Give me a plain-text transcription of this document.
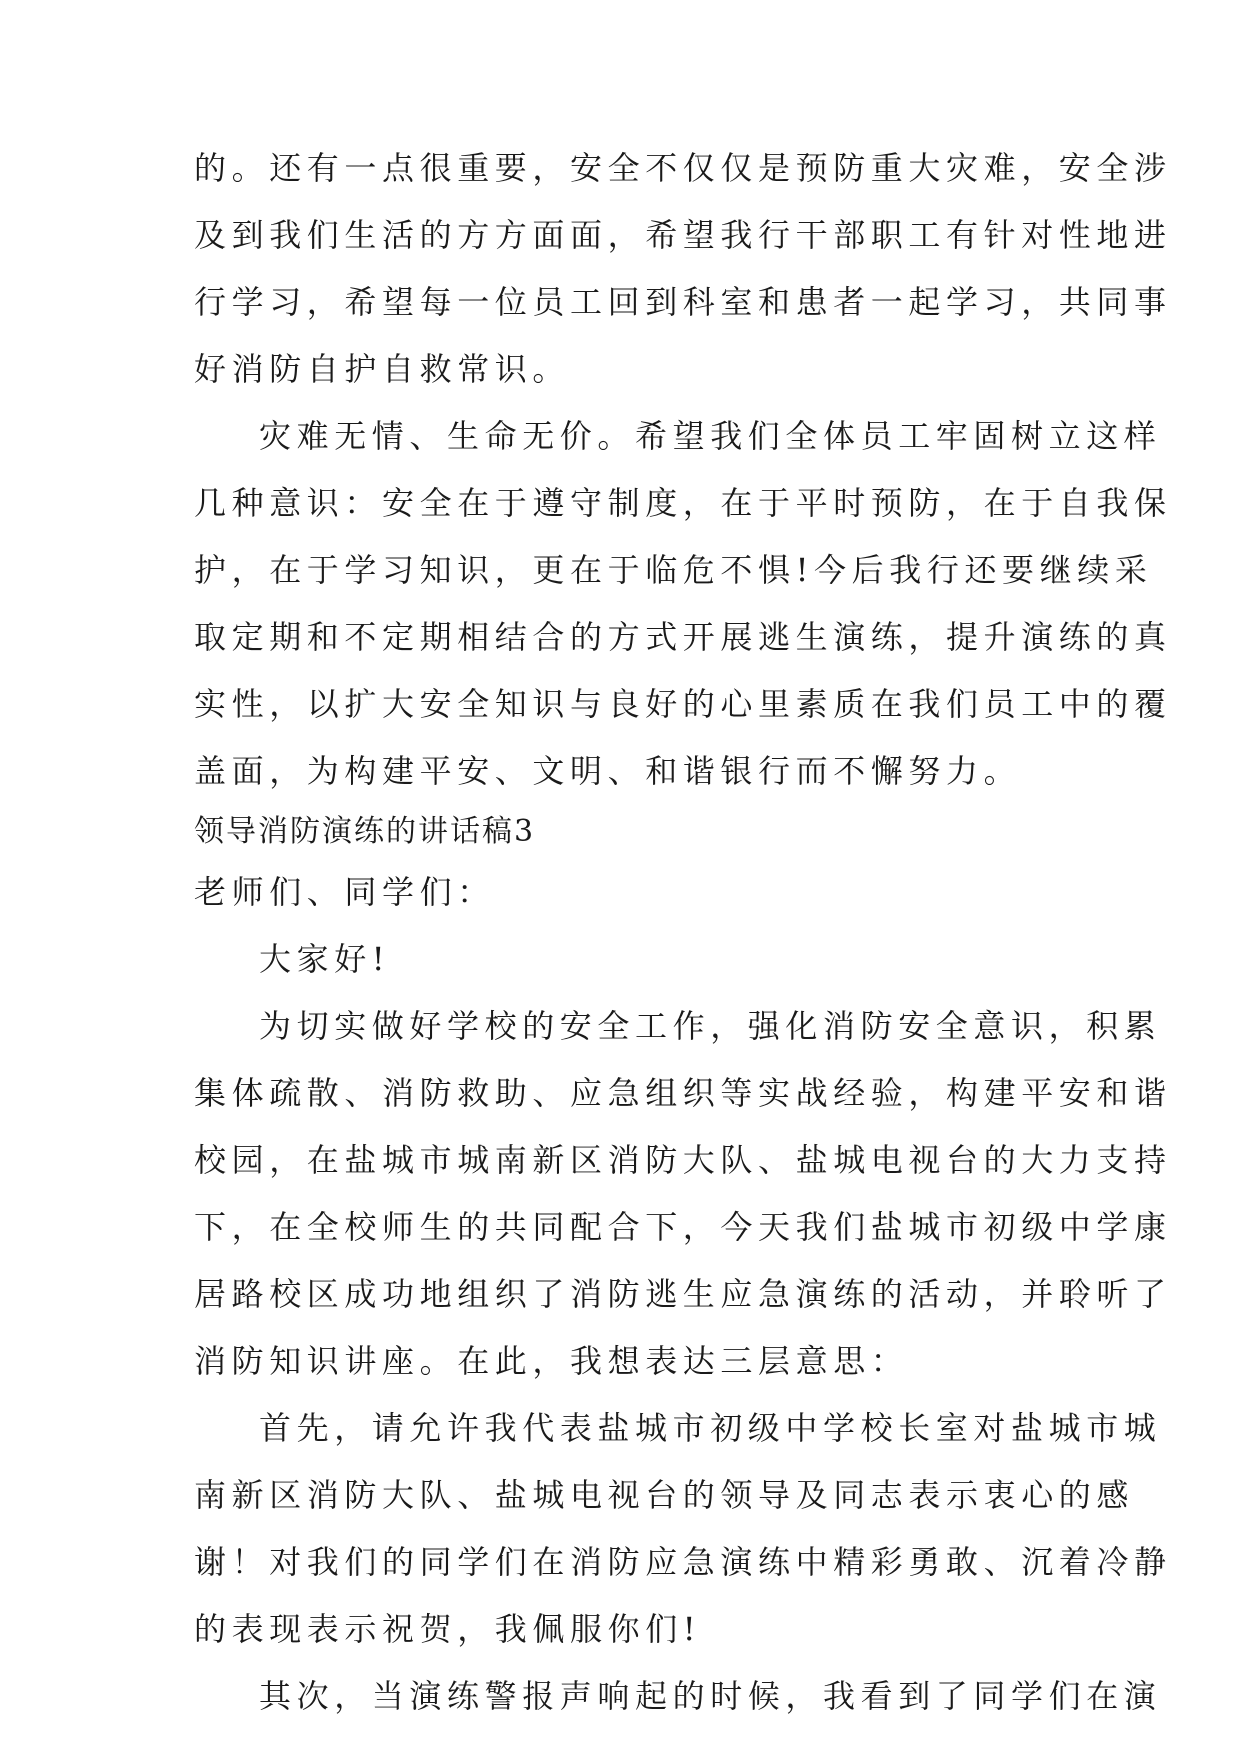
的。还有一点很重要，安全不仅仅是预防重大灾难，安全涉
及到我们生活的方方面面，希望我行干部职工有针对性地进
行学习，希望每一位员工回到科室和患者一起学习，共同事
好消防自护自救常识。
灾难无情、生命无价。希望我们全体员工牢固树立这样
几种意识：安全在于遵守制度，在于平时预防，在于自我保
护，在于学习知识，更在于临危不惧!今后我行还要继续采
取定期和不定期相结合的方式开展逃生演练，提升演练的真
实性，以扩大安全知识与良好的心里素质在我们员工中的覆
盖面，为构建平安、文明、和谐银行而不懈努力。
领导消防演练的讲话稿3
老师们、同学们：
大家好!
为切实做好学校的安全工作，强化消防安全意识，积累
集体疏散、消防救助、应急组织等实战经验，构建平安和谐
校园，在盐城市城南新区消防大队、盐城电视台的大力支持
下，在全校师生的共同配合下，今天我们盐城市初级中学康
居路校区成功地组织了消防逃生应急演练的活动，并聆听了
消防知识讲座。在此，我想表达三层意思：
首先，请允许我代表盐城市初级中学校长室对盐城市城
南新区消防大队、盐城电视台的领导及同志表示衷心的感
谢！对我们的同学们在消防应急演练中精彩勇敢、沉着冷静
的表现表示祝贺，我佩服你们!
其次，当演练警报声响起的时候，我看到了同学们在演
